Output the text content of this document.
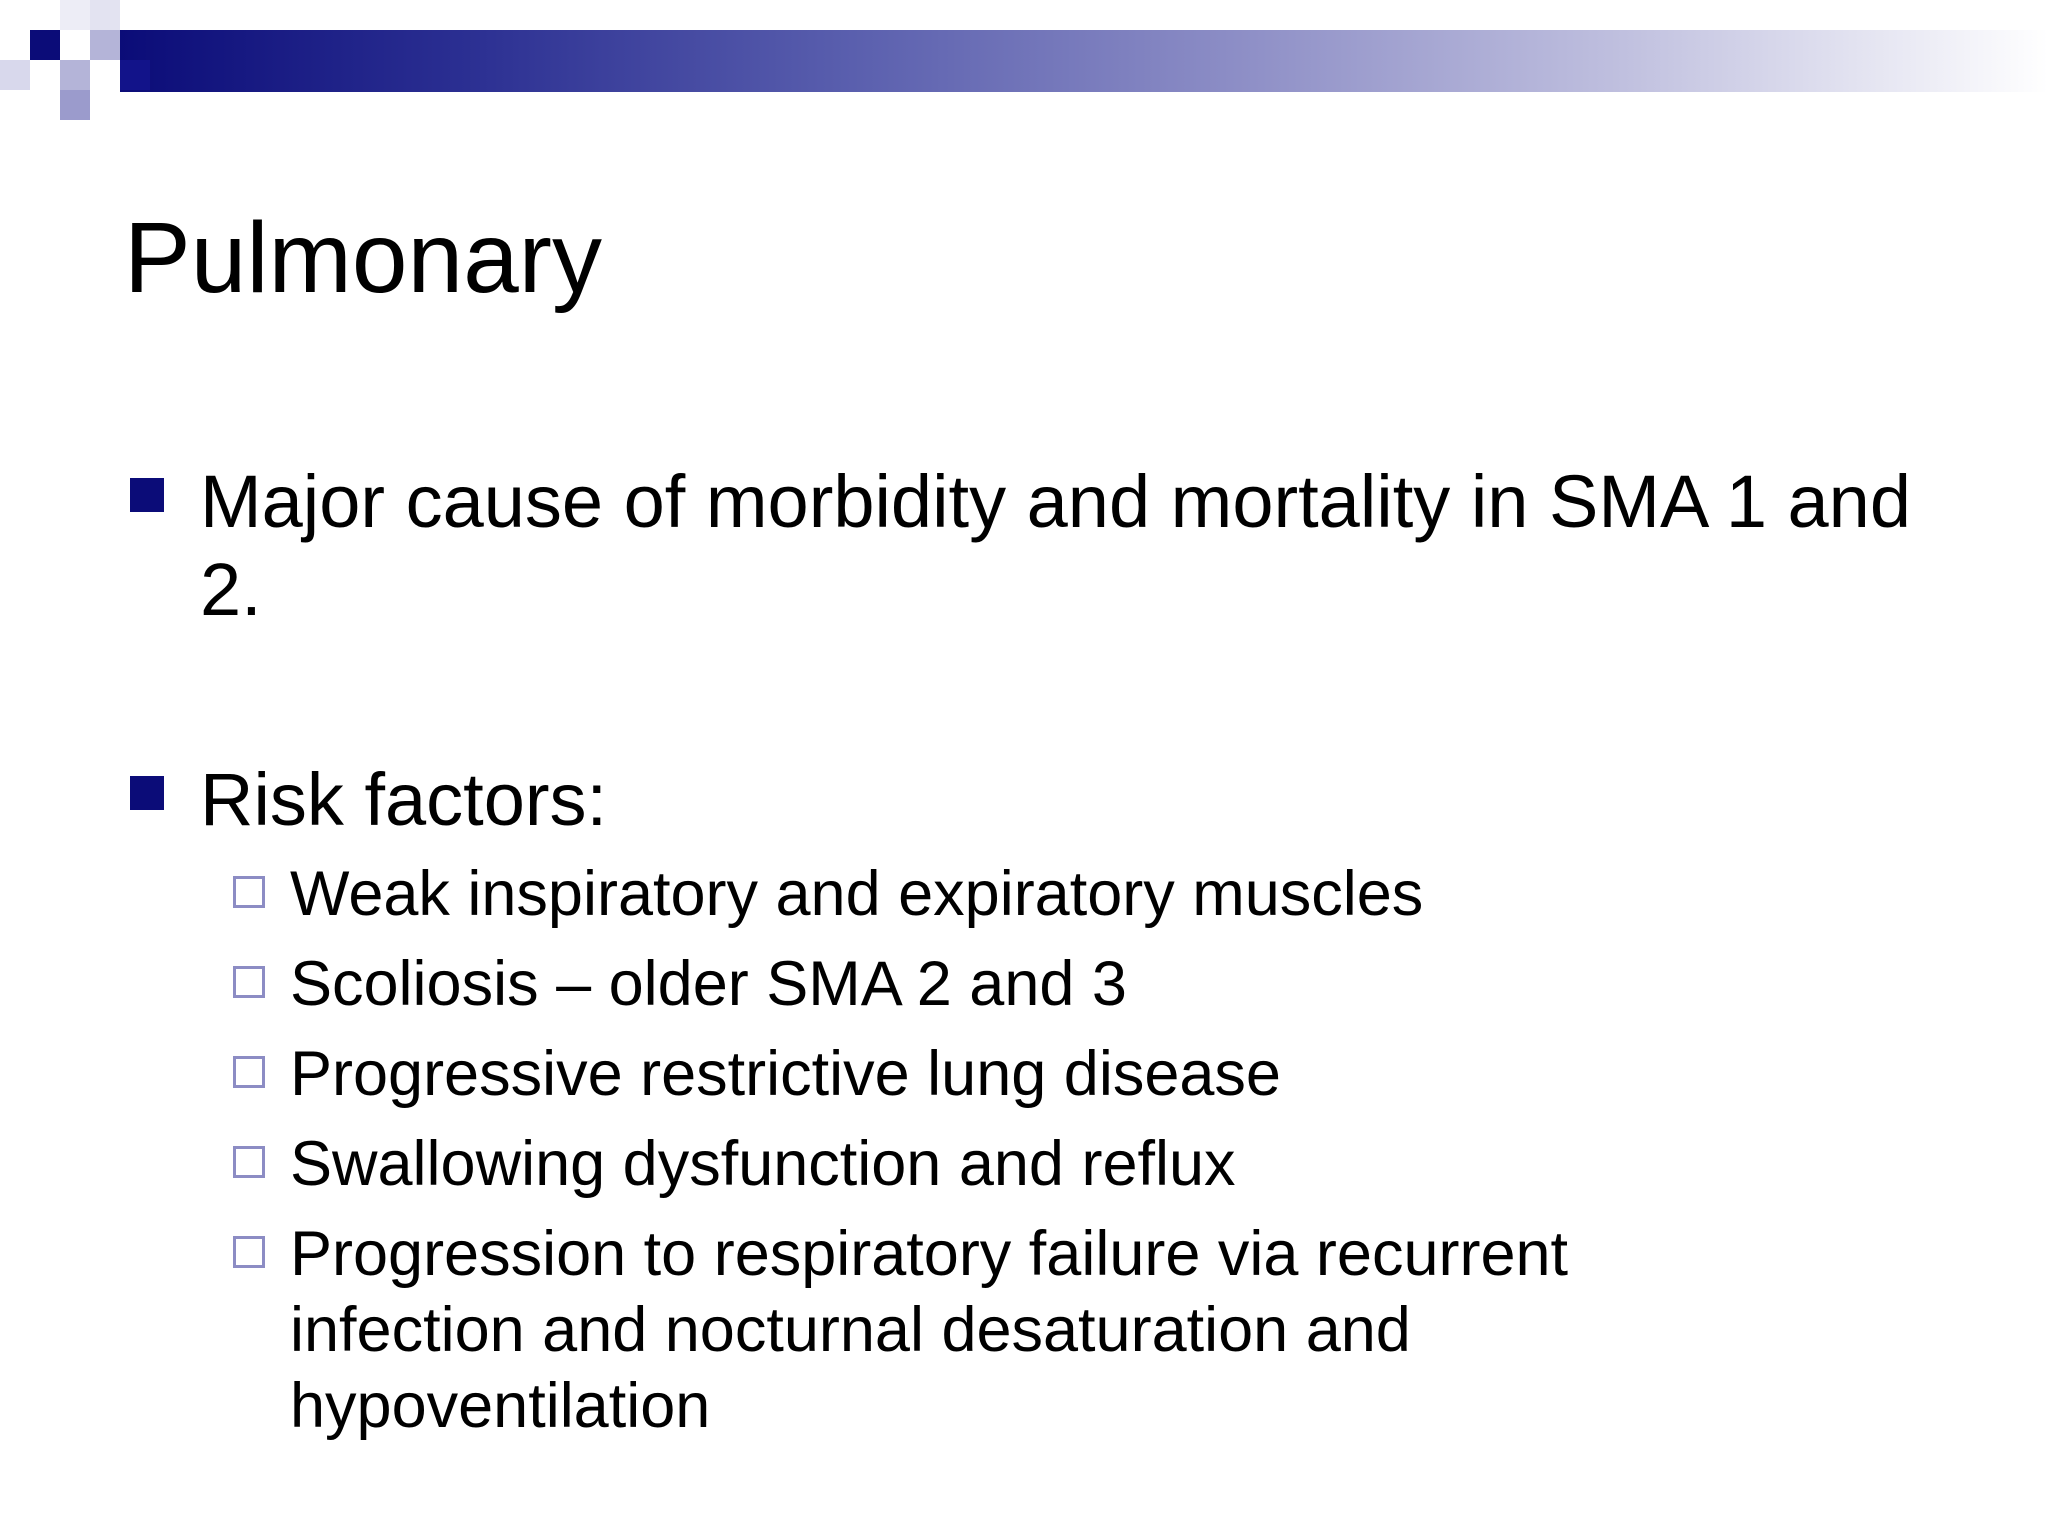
Pulmonary
Major cause of morbidity and mortality in SMA 1 and 2.
Risk factors:
Weak inspiratory and expiratory muscles
Scoliosis – older SMA 2 and 3
Progressive restrictive lung disease
Swallowing dysfunction and reflux
Progression to respiratory failure via recurrent infection and nocturnal desaturation and hypoventilation
